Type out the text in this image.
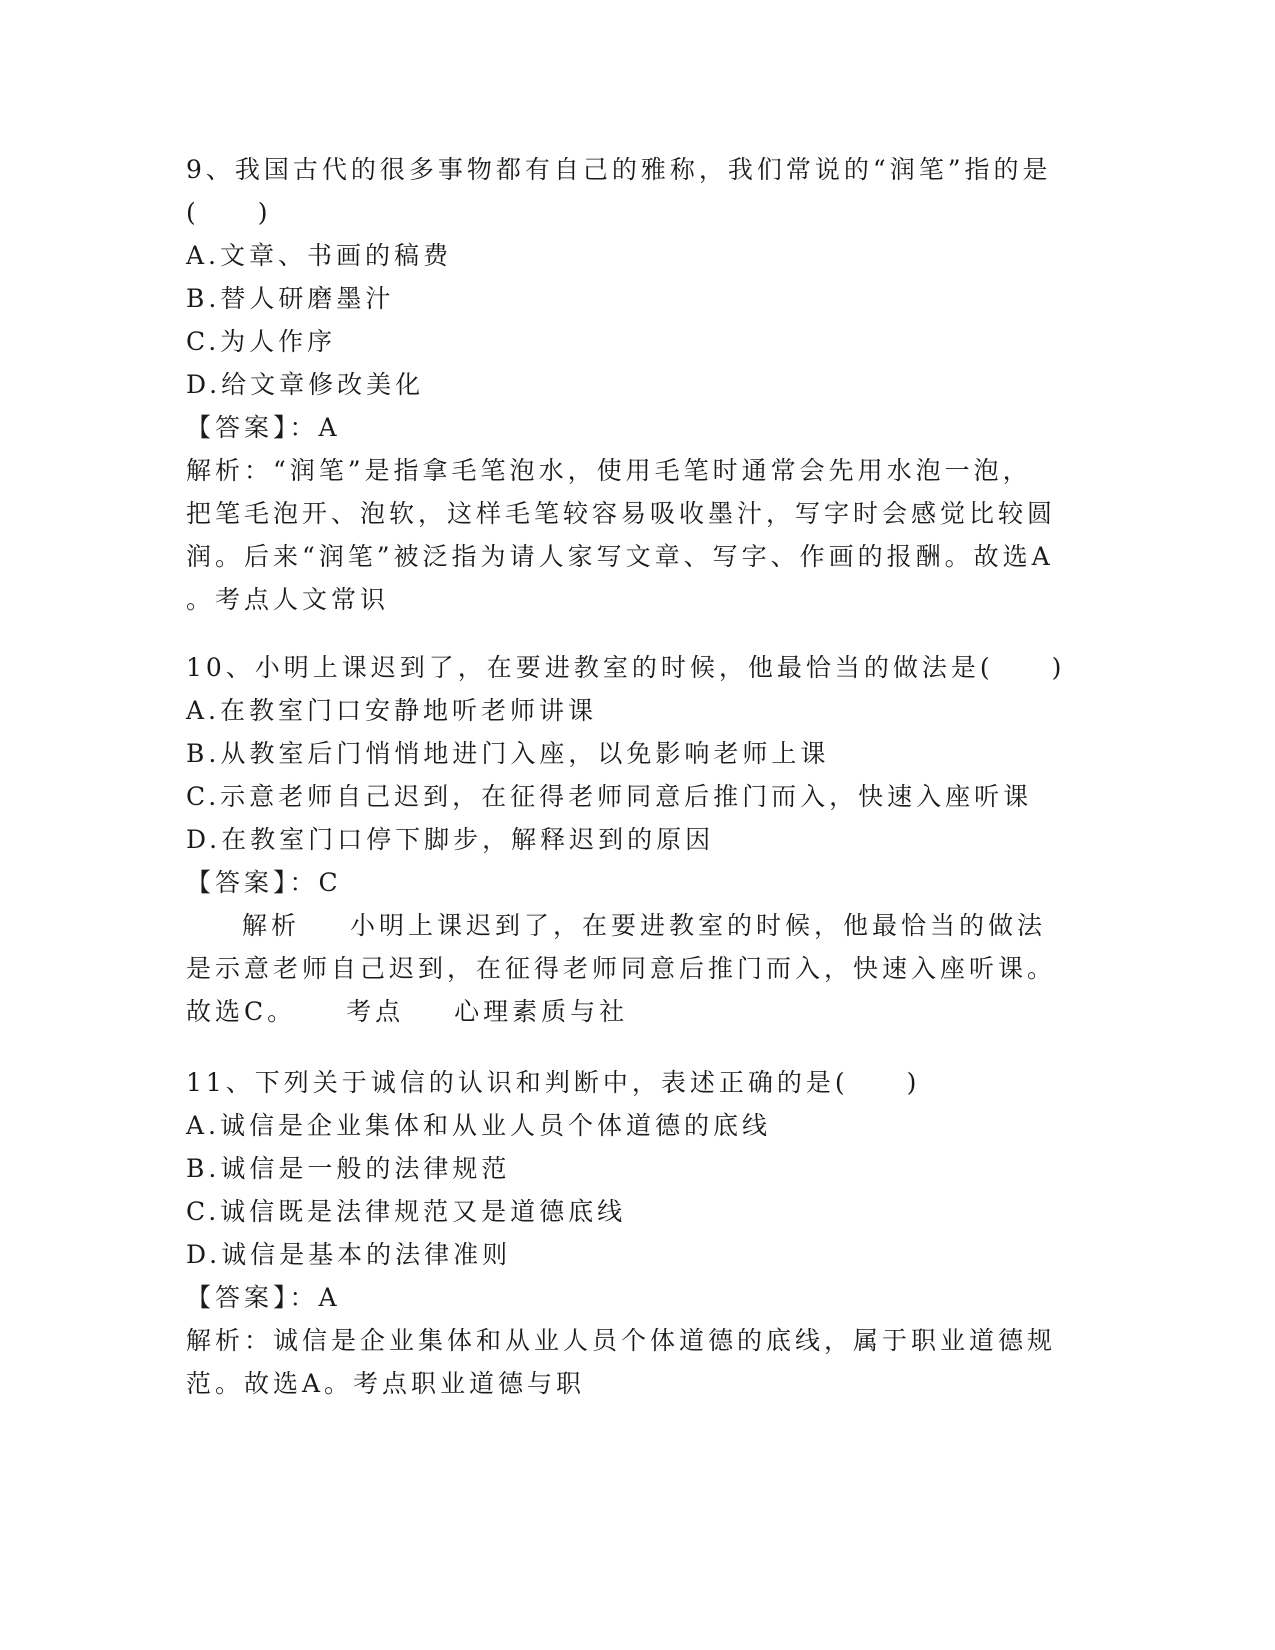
9、我国古代的很多事物都有自己的雅称，我们常说的“润笔”指的是
(　　)
A.文章、书画的稿费
B.替人研磨墨汁
C.为人作序
D.给文章修改美化
【答案】：A
解析：“润笔”是指拿毛笔泡水，使用毛笔时通常会先用水泡一泡，
把笔毛泡开、泡软，这样毛笔较容易吸收墨汁，写字时会感觉比较圆
润。后来“润笔”被泛指为请人家写文章、写字、作画的报酬。故选A
。考点人文常识
10、小明上课迟到了，在要进教室的时候，他最恰当的做法是(　　)
A.在教室门口安静地听老师讲课
B.从教室后门悄悄地进门入座，以免影响老师上课
C.示意老师自己迟到，在征得老师同意后推门而入，快速入座听课
D.在教室门口停下脚步，解释迟到的原因
【答案】：C
解析 小明上课迟到了，在要进教室的时候，他最恰当的做法
是示意老师自己迟到，在征得老师同意后推门而入，快速入座听课。
故选C。 考点 心理素质与社
11、下列关于诚信的认识和判断中，表述正确的是(　　)
A.诚信是企业集体和从业人员个体道德的底线
B.诚信是一般的法律规范
C.诚信既是法律规范又是道德底线
D.诚信是基本的法律准则
【答案】：A
解析：诚信是企业集体和从业人员个体道德的底线，属于职业道德规
范。故选A。考点职业道德与职
